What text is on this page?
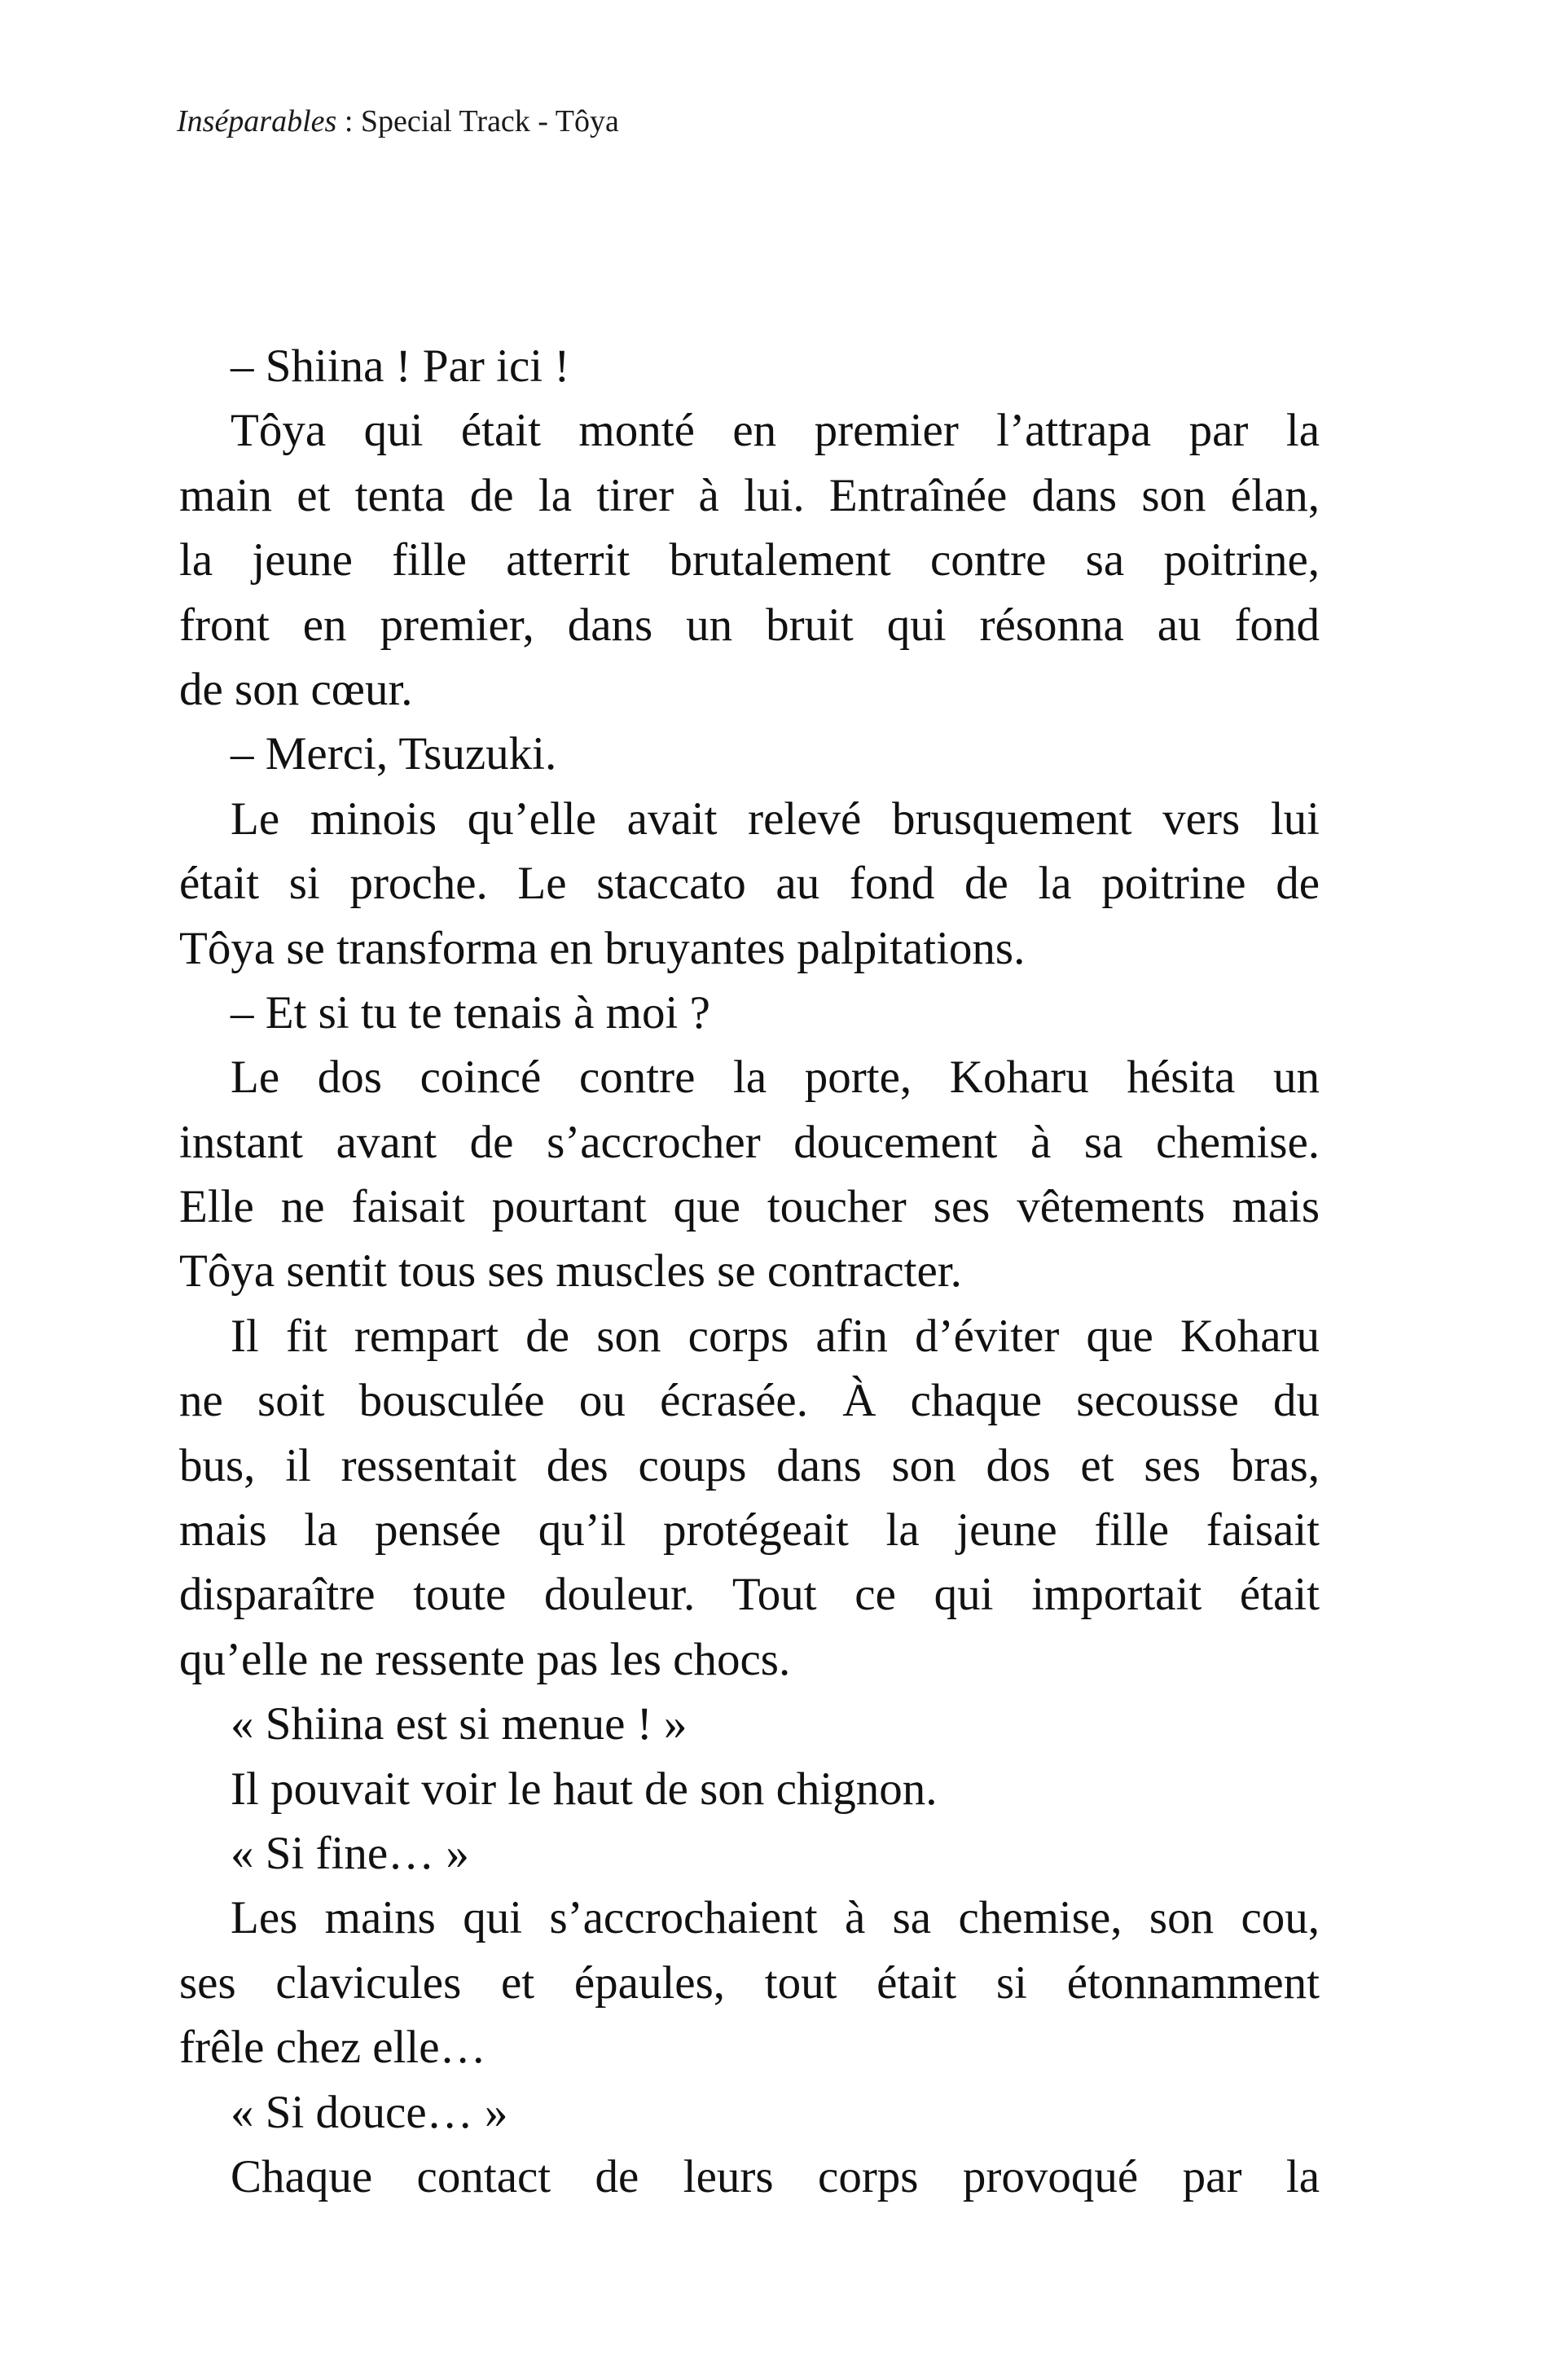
Inséparables : Special Track - Tôya
– Shiina ! Par ici !
Tôya qui était monté en premier l’attrapa par la
main et tenta de la tirer à lui. Entraînée dans son élan,
la jeune fille atterrit brutalement contre sa poitrine,
front en premier, dans un bruit qui résonna au fond
de son cœur.
– Merci, Tsuzuki.
Le minois qu’elle avait relevé brusquement vers lui
était si proche. Le staccato au fond de la poitrine de
Tôya se transforma en bruyantes palpitations.
– Et si tu te tenais à moi ?
Le dos coincé contre la porte, Koharu hésita un
instant avant de s’accrocher doucement à sa chemise.
Elle ne faisait pourtant que toucher ses vêtements mais
Tôya sentit tous ses muscles se contracter.
Il fit rempart de son corps afin d’éviter que Koharu
ne soit bousculée ou écrasée. À chaque secousse du
bus, il ressentait des coups dans son dos et ses bras,
mais la pensée qu’il protégeait la jeune fille faisait
disparaître toute douleur. Tout ce qui importait était
qu’elle ne ressente pas les chocs.
« Shiina est si menue ! »
Il pouvait voir le haut de son chignon.
« Si fine… »
Les mains qui s’accrochaient à sa chemise, son cou,
ses clavicules et épaules, tout était si étonnamment
frêle chez elle…
« Si douce… »
Chaque contact de leurs corps provoqué par la
